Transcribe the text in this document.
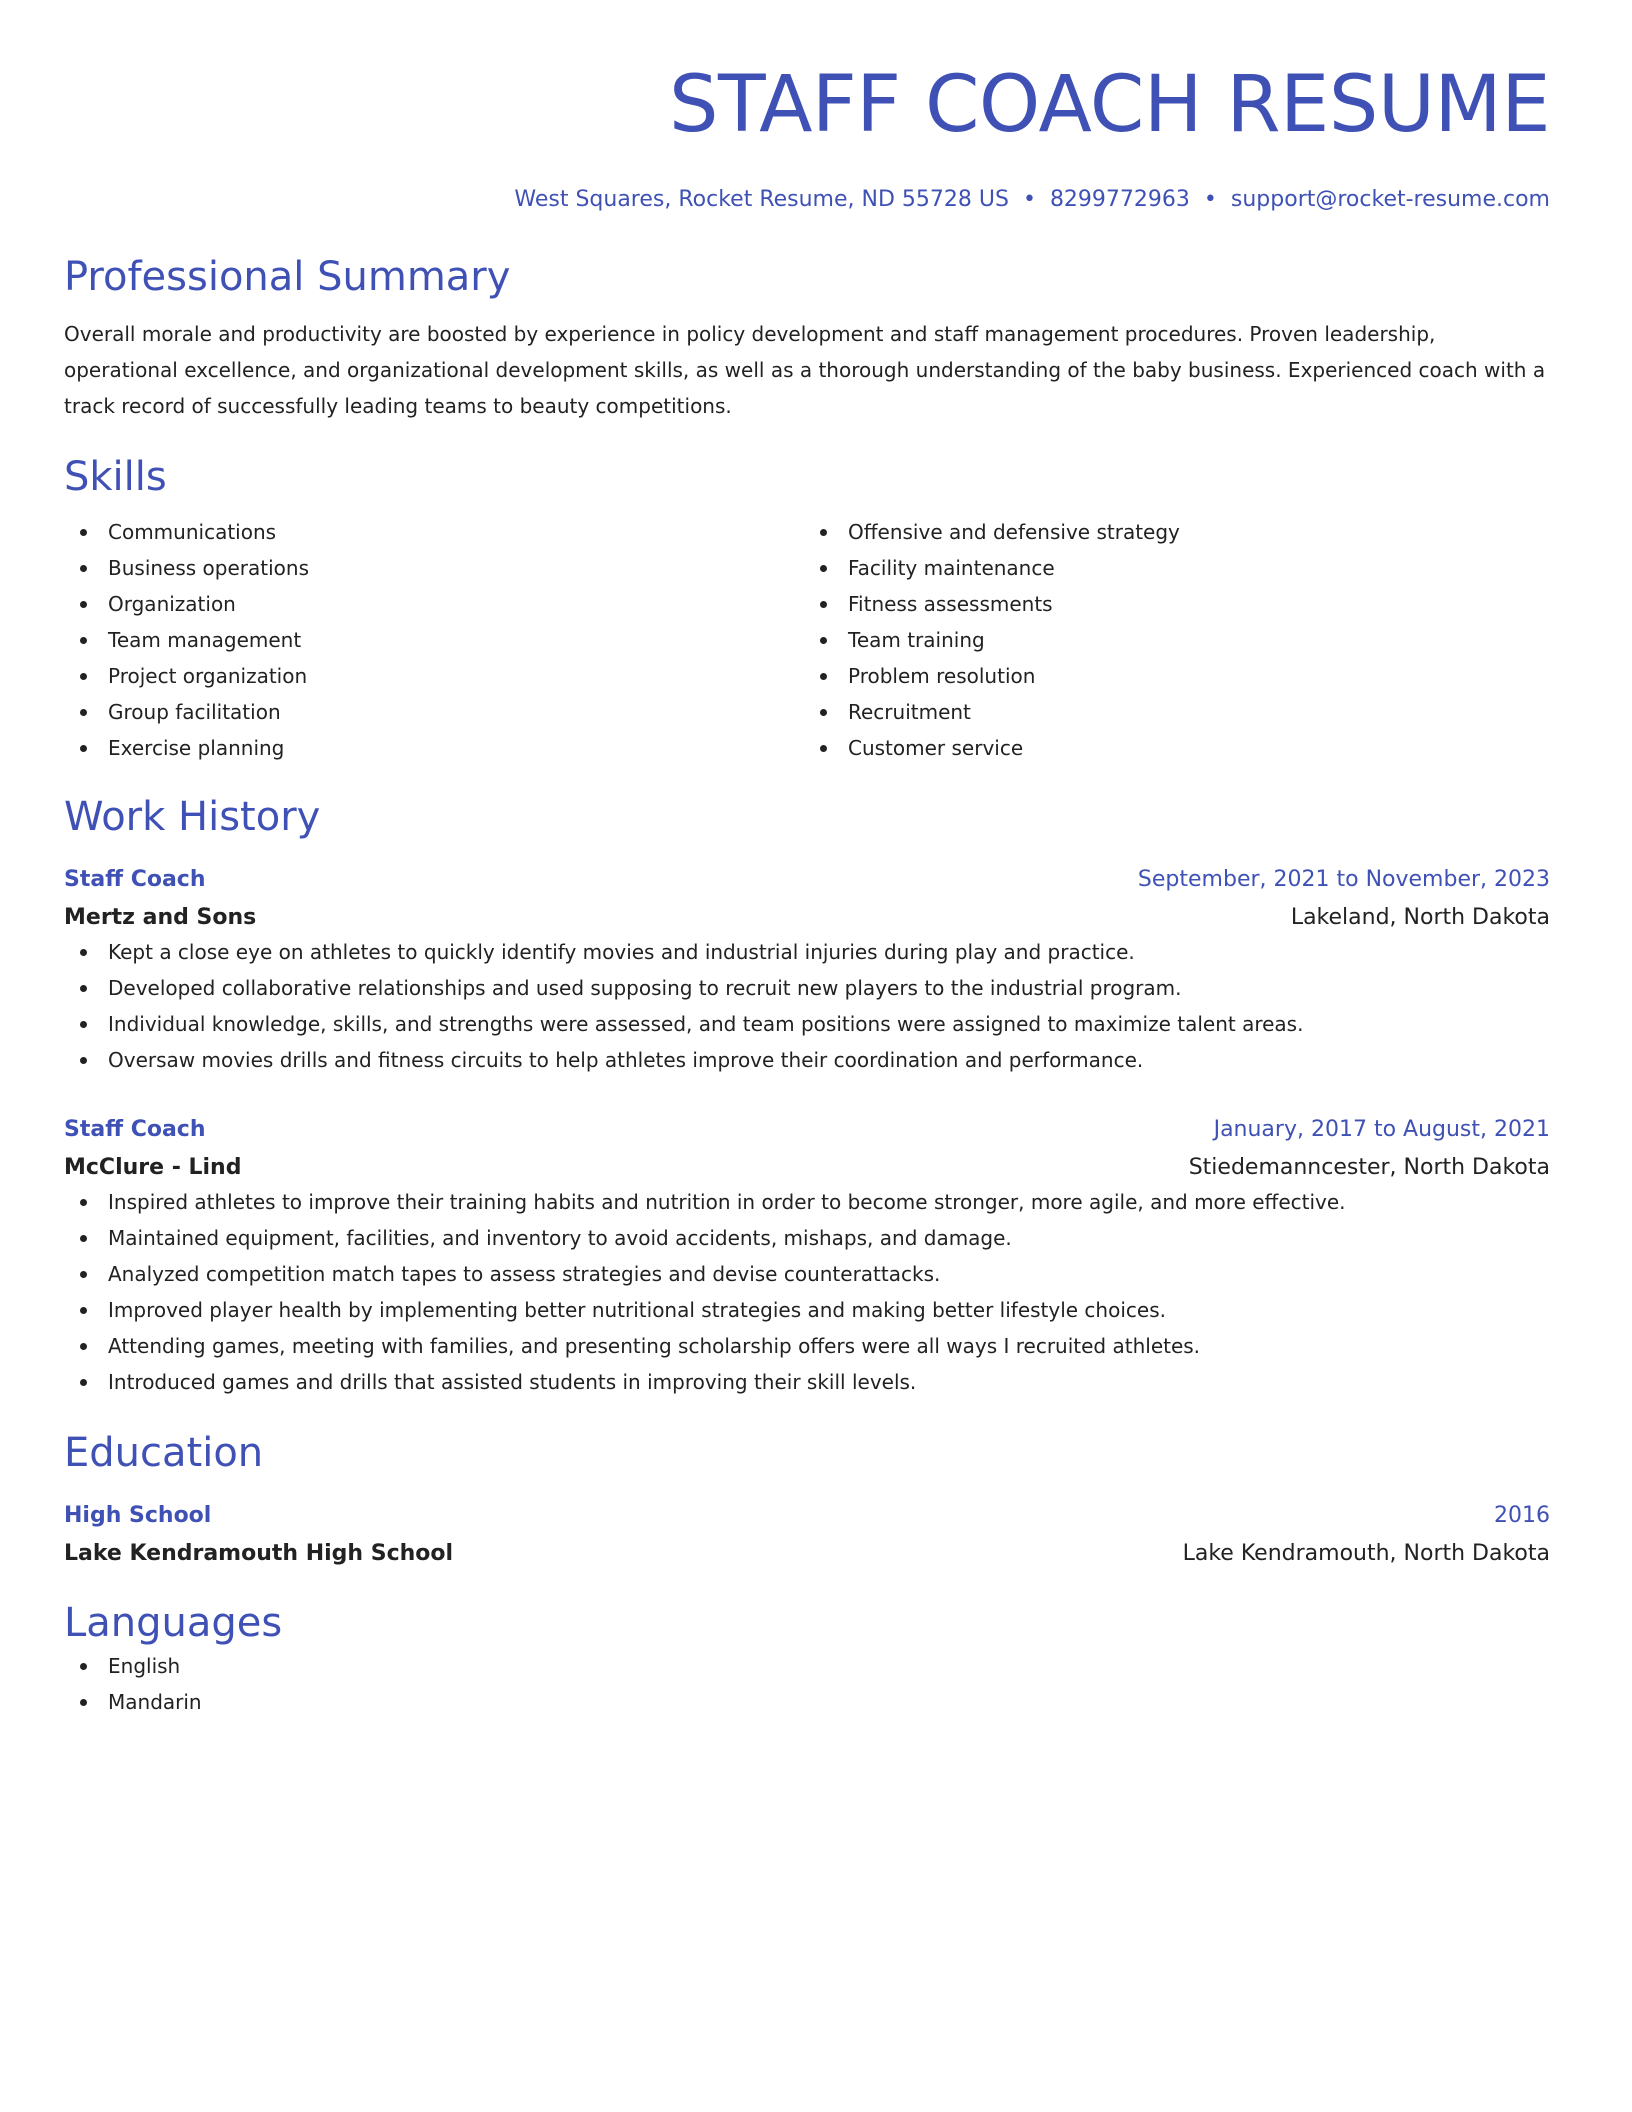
STAFF COACH RESUME
West Squares, Rocket Resume, ND 55728 US • 8299772963 • support@rocket-resume.com
Professional Summary
Overall morale and productivity are boosted by experience in policy development and staff management procedures. Proven leadership, operational excellence, and organizational development skills, as well as a thorough understanding of the baby business. Experienced coach with a track record of successfully leading teams to beauty competitions.
Skills
Communications
Business operations
Organization
Team management
Project organization
Group facilitation
Exercise planning
Offensive and defensive strategy
Facility maintenance
Fitness assessments
Team training
Problem resolution
Recruitment
Customer service
Work History
Staff Coach	September, 2021 to November, 2023
Mertz and Sons	Lakeland, North Dakota
Kept a close eye on athletes to quickly identify movies and industrial injuries during play and practice.
Developed collaborative relationships and used supposing to recruit new players to the industrial program.
Individual knowledge, skills, and strengths were assessed, and team positions were assigned to maximize talent areas.
Oversaw movies drills and fitness circuits to help athletes improve their coordination and performance.
Staff Coach	January, 2017 to August, 2021
McClure - Lind	Stiedemanncester, North Dakota
Inspired athletes to improve their training habits and nutrition in order to become stronger, more agile, and more effective.
Maintained equipment, facilities, and inventory to avoid accidents, mishaps, and damage.
Analyzed competition match tapes to assess strategies and devise counterattacks.
Improved player health by implementing better nutritional strategies and making better lifestyle choices.
Attending games, meeting with families, and presenting scholarship offers were all ways I recruited athletes.
Introduced games and drills that assisted students in improving their skill levels.
Education
High School	2016
Lake Kendramouth High School	Lake Kendramouth, North Dakota
Languages
English
Mandarin
